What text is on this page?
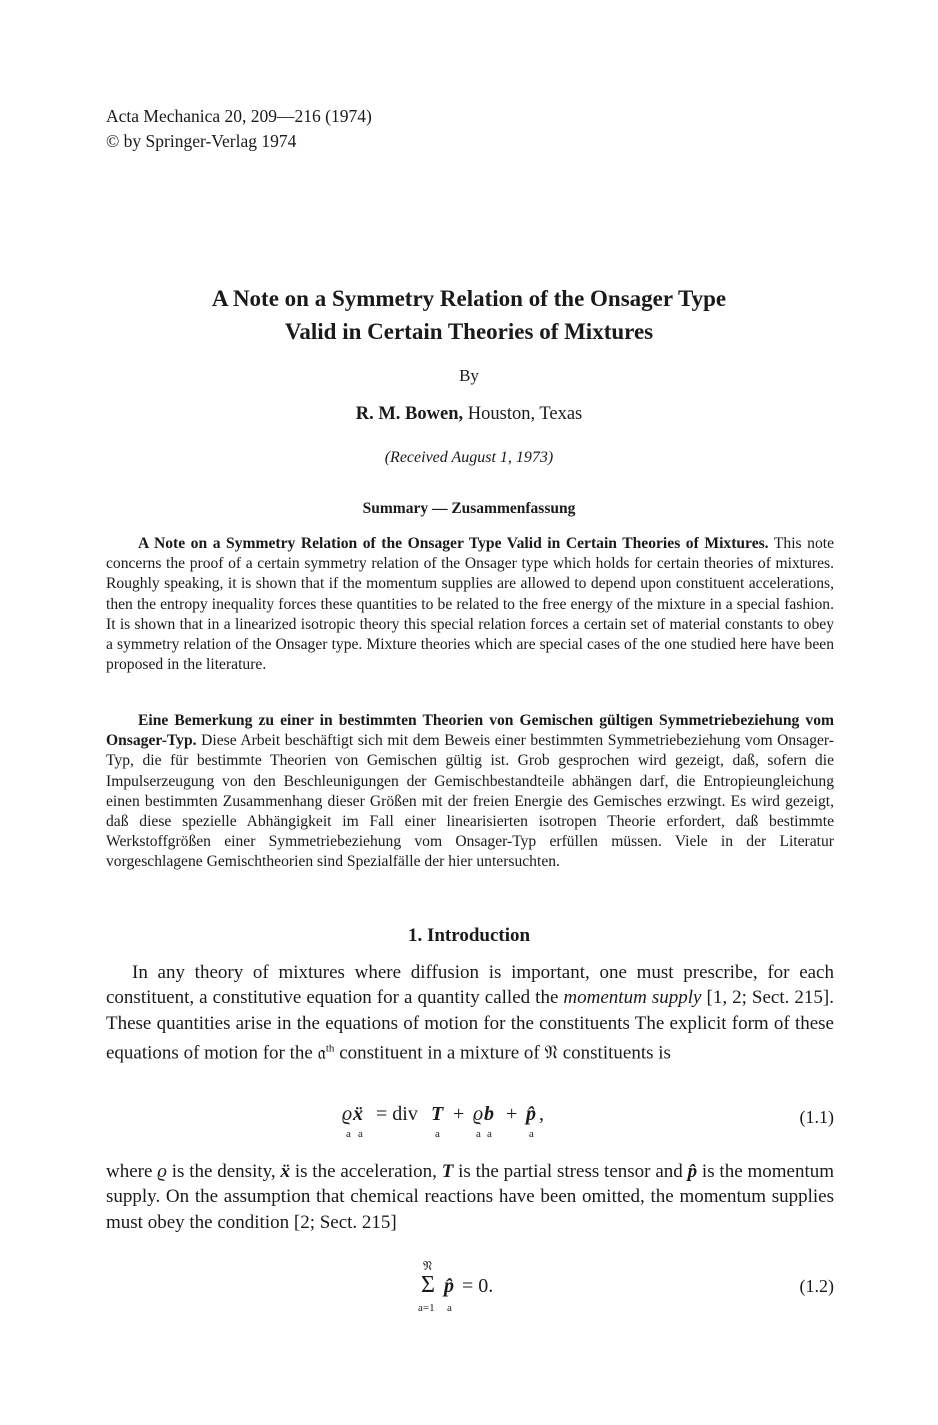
Acta Mechanica 20, 209—216 (1974)
© by Springer-Verlag 1974
A Note on a Symmetry Relation of the Onsager Type
Valid in Certain Theories of Mixtures
By
R. M. Bowen, Houston, Texas
(Received August 1, 1973)
Summary — Zusammenfassung
A Note on a Symmetry Relation of the Onsager Type Valid in Certain Theories of Mixtures. This note concerns the proof of a certain symmetry relation of the Onsager type which holds for certain theories of mixtures. Roughly speaking, it is shown that if the momentum supplies are allowed to depend upon constituent accelerations, then the entropy inequality forces these quantities to be related to the free energy of the mixture in a special fashion. It is shown that in a linearized isotropic theory this special relation forces a certain set of material constants to obey a symmetry relation of the Onsager type. Mixture theories which are special cases of the one studied here have been proposed in the literature.
Eine Bemerkung zu einer in bestimmten Theorien von Gemischen gültigen Symmetriebeziehung vom Onsager-Typ. Diese Arbeit beschäftigt sich mit dem Beweis einer bestimmten Symmetriebeziehung vom Onsager-Typ, die für bestimmte Theorien von Gemischen gültig ist. Grob gesprochen wird gezeigt, daß, sofern die Impulserzeugung von den Beschleunigungen der Gemischbestandteile abhängen darf, die Entropieungleichung einen bestimmten Zusammenhang dieser Größen mit der freien Energie des Gemisches erzwingt. Es wird gezeigt, daß diese spezielle Abhängigkeit im Fall einer linearisierten isotropen Theorie erfordert, daß bestimmte Werkstoffgrößen einer Symmetriebeziehung vom Onsager-Typ erfüllen müssen. Viele in der Literatur vorgeschlagene Gemischtheorien sind Spezialfälle der hier untersuchten.
1. Introduction
In any theory of mixtures where diffusion is important, one must prescribe, for each constituent, a constitutive equation for a quantity called the momentum supply [1, 2; Sect. 215]. These quantities arise in the equations of motion for the constituents The explicit form of these equations of motion for the 𝔞$^{th}$ constituent in a mixture of 𝔑 constituents is
ϱ ẍ
a a
= div T
a
+ ϱ b
a a
+ p̂
a
,	(1.1)
where ϱ is the density, ẍ is the acceleration, T is the partial stress tensor and p̂ is the momentum supply. On the assumption that chemical reactions have been omitted, the momentum supplies must obey the condition [2; Sect. 215]
𝔑
Σ
a=1
p̂
a
= 0.	(1.2)
